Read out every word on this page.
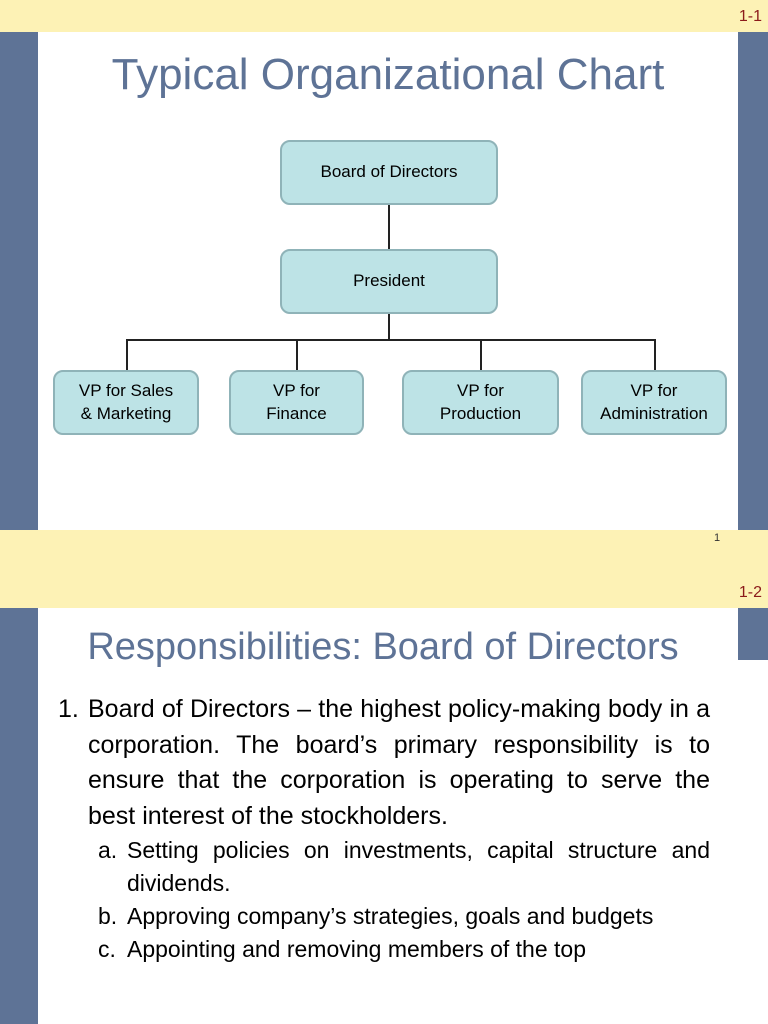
1-1
1
Typical Organizational Chart
Board of Directors
President
VP for Sales
& Marketing
VP for
Finance
VP for
Production
VP for
Administration
1-2
Responsibilities: Board of Directors
1. Board of Directors – the highest policy-making body in a corporation. The board’s primary responsibility is to ensure that the corporation is operating to serve the best interest of the stockholders.
a. Setting policies on investments, capital structure and dividends.
b. Approving company’s strategies, goals and budgets
c. Appointing and removing members of the top
